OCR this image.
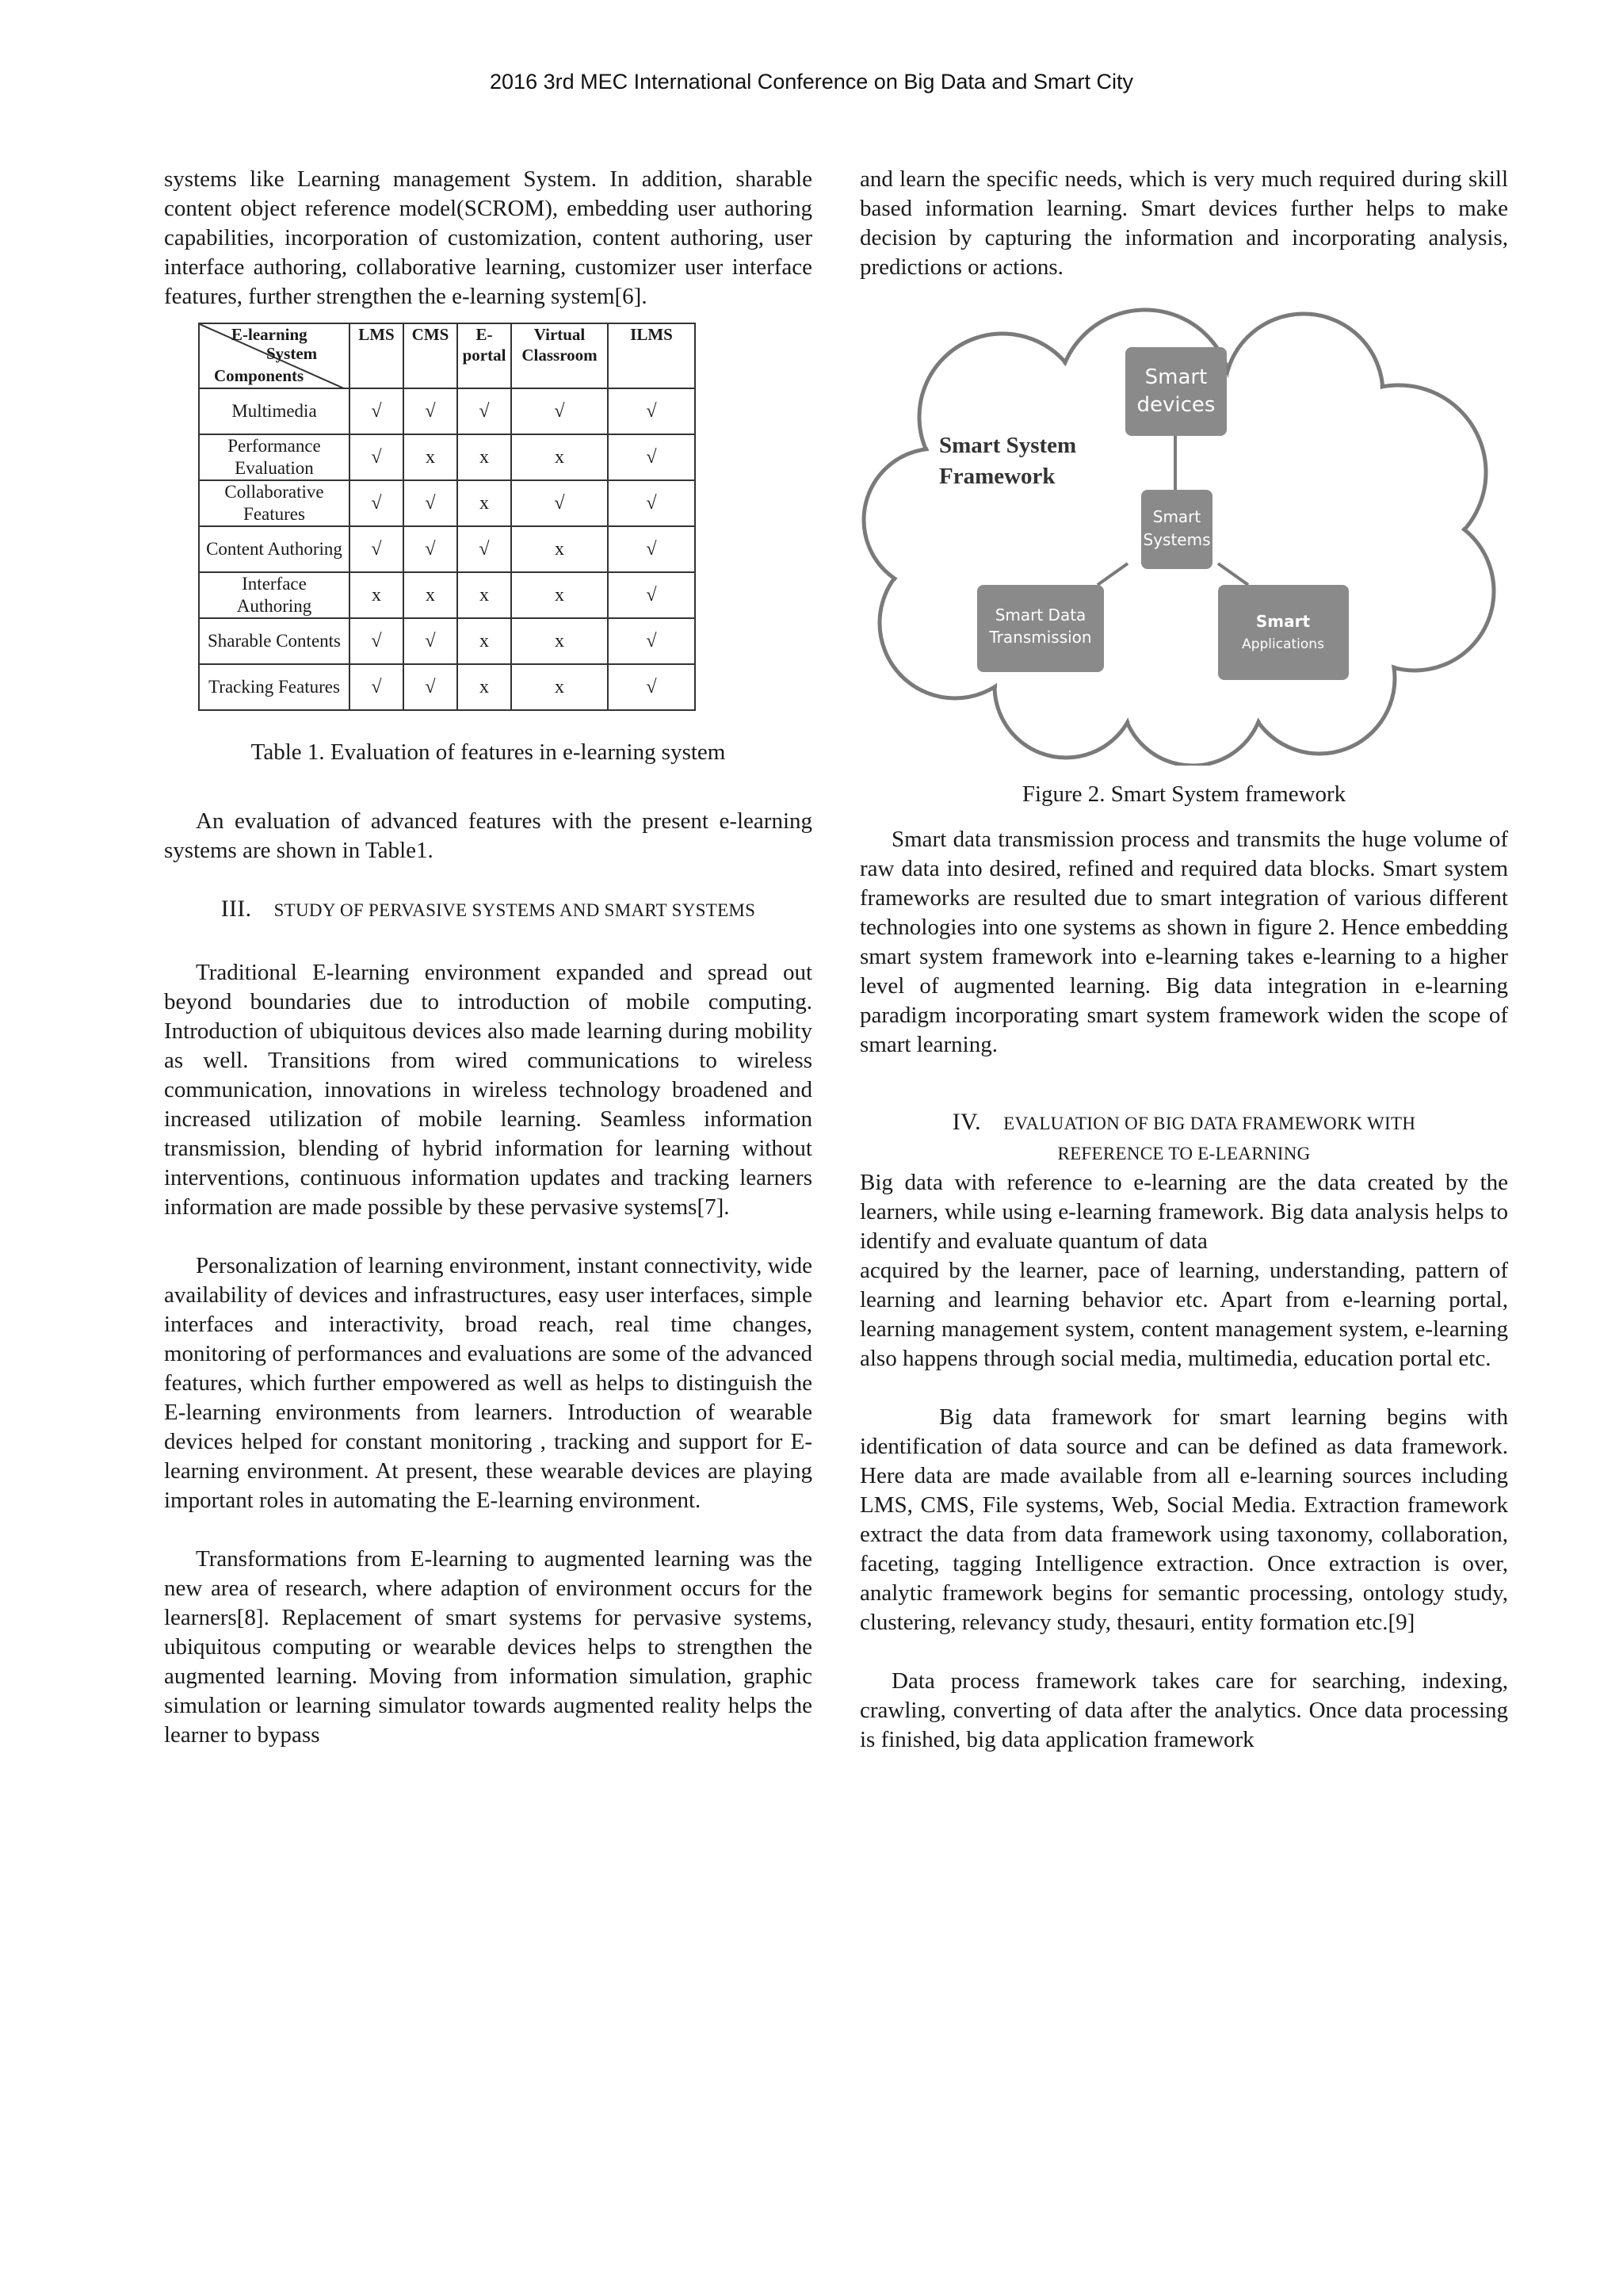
2016 3rd MEC International Conference on Big Data and Smart City

systems like Learning management System. In addition, sharable content object reference model(SCROM), embedding user authoring capabilities, incorporation of customization, content authoring, user interface authoring, collaborative learning, customizer user interface features, further strengthen the e-learning system[6].

E-learning
System
Components	LMS	CMS	E-portal	Virtual Classroom	ILMS
Multimedia	√	√	√	√	√
Performance Evaluation	√	x	x	x	√
Collaborative Features	√	√	x	√	√
Content Authoring	√	√	√	x	√
Interface Authoring	x	x	x	x	√
Sharable Contents	√	√	x	x	√
Tracking Features	√	√	x	x	√

Table 1. Evaluation of features in e-learning system

An evaluation of advanced features with the present e-learning systems are shown in Table1.

III. STUDY OF PERVASIVE SYSTEMS AND SMART SYSTEMS

Traditional E-learning environment expanded and spread out beyond boundaries due to introduction of mobile computing. Introduction of ubiquitous devices also made learning during mobility as well. Transitions from wired communications to wireless communication, innovations in wireless technology broadened and increased utilization of mobile learning. Seamless information transmission, blending of hybrid information for learning without interventions, continuous information updates and tracking learners information are made possible by these pervasive systems[7].

Personalization of learning environment, instant connectivity, wide availability of devices and infrastructures, easy user interfaces, simple interfaces and interactivity, broad reach, real time changes, monitoring of performances and evaluations are some of the advanced features, which further empowered as well as helps to distinguish the E-learning environments from learners. Introduction of wearable devices helped for constant monitoring , tracking and support for E-learning environment. At present, these wearable devices are playing important roles in automating the E-learning environment.

Transformations from E-learning to augmented learning was the new area of research, where adaption of environment occurs for the learners[8]. Replacement of smart systems for pervasive systems, ubiquitous computing or wearable devices helps to strengthen the augmented learning. Moving from information simulation, graphic simulation or learning simulator towards augmented reality helps the learner to bypass

and learn the specific needs, which is very much required during skill based information learning. Smart devices further helps to make decision by capturing the information and incorporating analysis, predictions or actions.

Smart System
Framework
Smart
devices
Smart
Systems
Smart Data
Transmission
Smart
Applications

Figure 2. Smart System framework

Smart data transmission process and transmits the huge volume of raw data into desired, refined and required data blocks. Smart system frameworks are resulted due to smart integration of various different technologies into one systems as shown in figure 2. Hence embedding smart system framework into e-learning takes e-learning to a higher level of augmented learning. Big data integration in e-learning paradigm incorporating smart system framework widen the scope of smart learning.

IV. EVALUATION OF BIG DATA FRAMEWORK WITH

REFERENCE TO E-LEARNING

Big data with reference to e-learning are the data created by the learners, while using e-learning framework. Big data analysis helps to identify and evaluate quantum of data

acquired by the learner, pace of learning, understanding, pattern of learning and learning behavior etc. Apart from e-learning portal, learning management system, content management system, e-learning also happens through social media, multimedia, education portal etc.

Big data framework for smart learning begins with identification of data source and can be defined as data framework. Here data are made available from all e-learning sources including LMS, CMS, File systems, Web, Social Media. Extraction framework extract the data from data framework using taxonomy, collaboration, faceting, tagging Intelligence extraction. Once extraction is over, analytic framework begins for semantic processing, ontology study, clustering, relevancy study, thesauri, entity formation etc.[9]

Data process framework takes care for searching, indexing, crawling, converting of data after the analytics. Once data processing is finished, big data application framework
